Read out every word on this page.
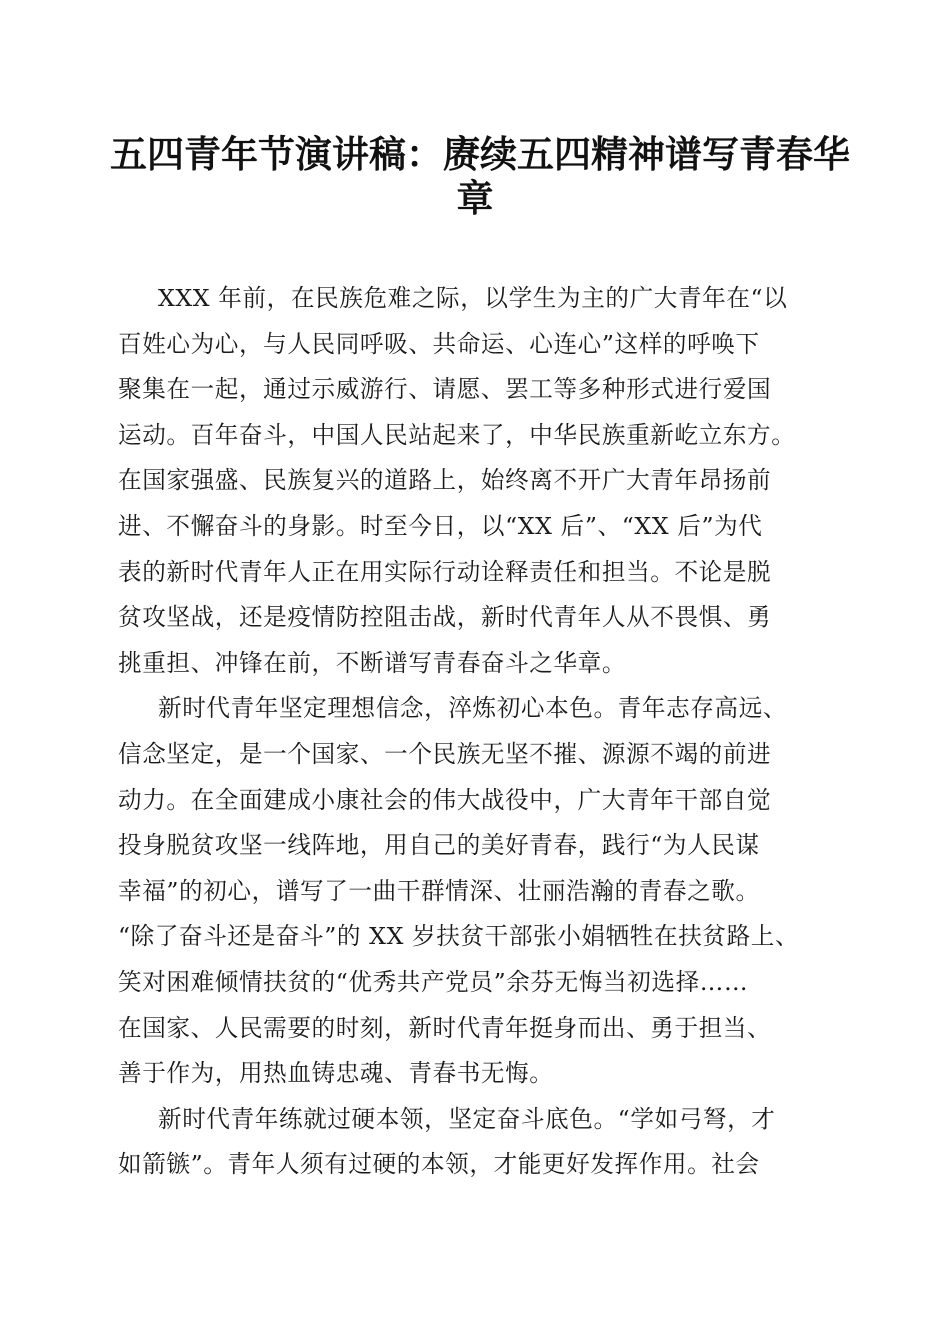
五四青年节演讲稿：赓续五四精神谱写青春华
章
XXX 年前，在民族危难之际，以学生为主的广大青年在“以
百姓心为心，与人民同呼吸、共命运、心连心”这样的呼唤下
聚集在一起，通过示威游行、请愿、罢工等多种形式进行爱国
运动。百年奋斗，中国人民站起来了，中华民族重新屹立东方。
在国家强盛、民族复兴的道路上，始终离不开广大青年昂扬前
进、不懈奋斗的身影。时至今日，以“XX 后”、“XX 后”为代
表的新时代青年人正在用实际行动诠释责任和担当。不论是脱
贫攻坚战，还是疫情防控阻击战，新时代青年人从不畏惧、勇
挑重担、冲锋在前，不断谱写青春奋斗之华章。
新时代青年坚定理想信念，淬炼初心本色。青年志存高远、
信念坚定，是一个国家、一个民族无坚不摧、源源不竭的前进
动力。在全面建成小康社会的伟大战役中，广大青年干部自觉
投身脱贫攻坚一线阵地，用自己的美好青春，践行“为人民谋
幸福”的初心，谱写了一曲干群情深、壮丽浩瀚的青春之歌。
“除了奋斗还是奋斗”的 XX 岁扶贫干部张小娟牺牲在扶贫路上、
笑对困难倾情扶贫的“优秀共产党员”余芬无悔当初选择……
在国家、人民需要的时刻，新时代青年挺身而出、勇于担当、
善于作为，用热血铸忠魂、青春书无悔。
新时代青年练就过硬本领，坚定奋斗底色。“学如弓弩，才
如箭镞”。青年人须有过硬的本领，才能更好发挥作用。社会
